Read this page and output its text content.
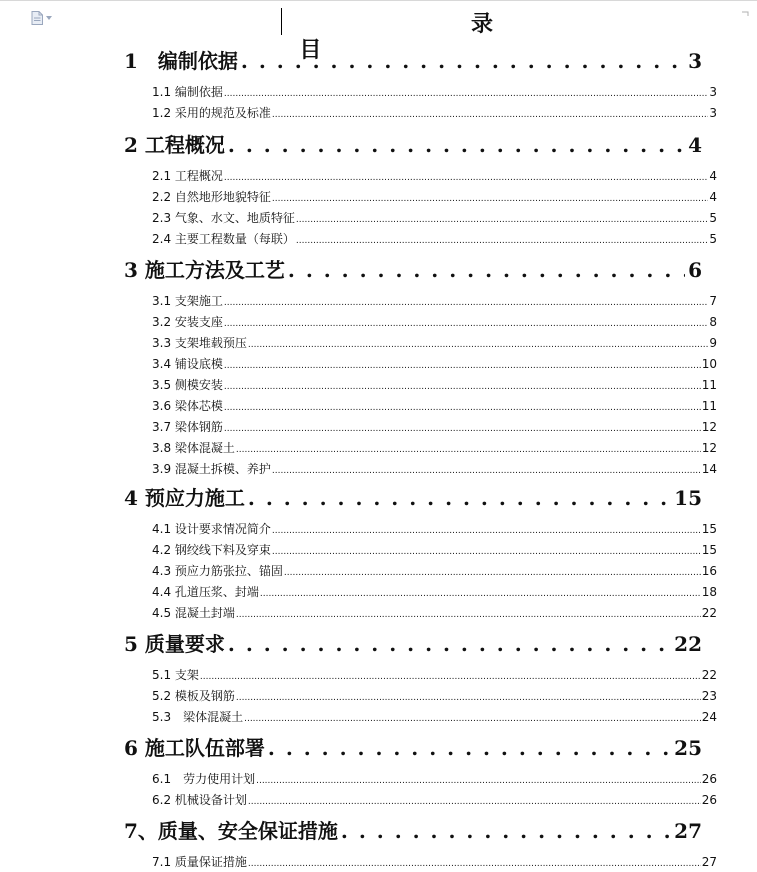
目
录

1　编制依据 . . .	3
1.1 编制依据 .....	3
1.2 采用的规范及标准 .....	3
2 工程概况 . . .	4
2.1 工程概况 .....	4
2.2 自然地形地貌特征 .....	4
2.3 气象、水文、地质特征 .....	5
2.4 主要工程数量（每联） .....	5
3 施工方法及工艺 . . .	6
3.1 支架施工 .....	7
3.2 安装支座 .....	8
3.3 支架堆载预压 .....	9
3.4 铺设底模 .....	10
3.5 侧模安装 .....	11
3.6 梁体芯模 .....	11
3.7 梁体钢筋 .....	12
3.8 梁体混凝土 .....	12
3.9 混凝土拆模、养护 .....	14
4 预应力施工 . . .	15
4.1 设计要求情况简介 .....	15
4.2 钢绞线下料及穿束 .....	15
4.3 预应力筋张拉、锚固 .....	16
4.4 孔道压浆、封端 .....	18
4.5 混凝土封端 .....	22
5 质量要求 . . .	22
5.1 支架 .....	22
5.2 模板及钢筋 .....	23
5.3　梁体混凝土 .....	24
6 施工队伍部署 . . .	25
6.1　劳力使用计划 .....	26
6.2 机械设备计划 .....	26
7、质量、安全保证措施 . . .	27
7.1 质量保证措施 .....	27
